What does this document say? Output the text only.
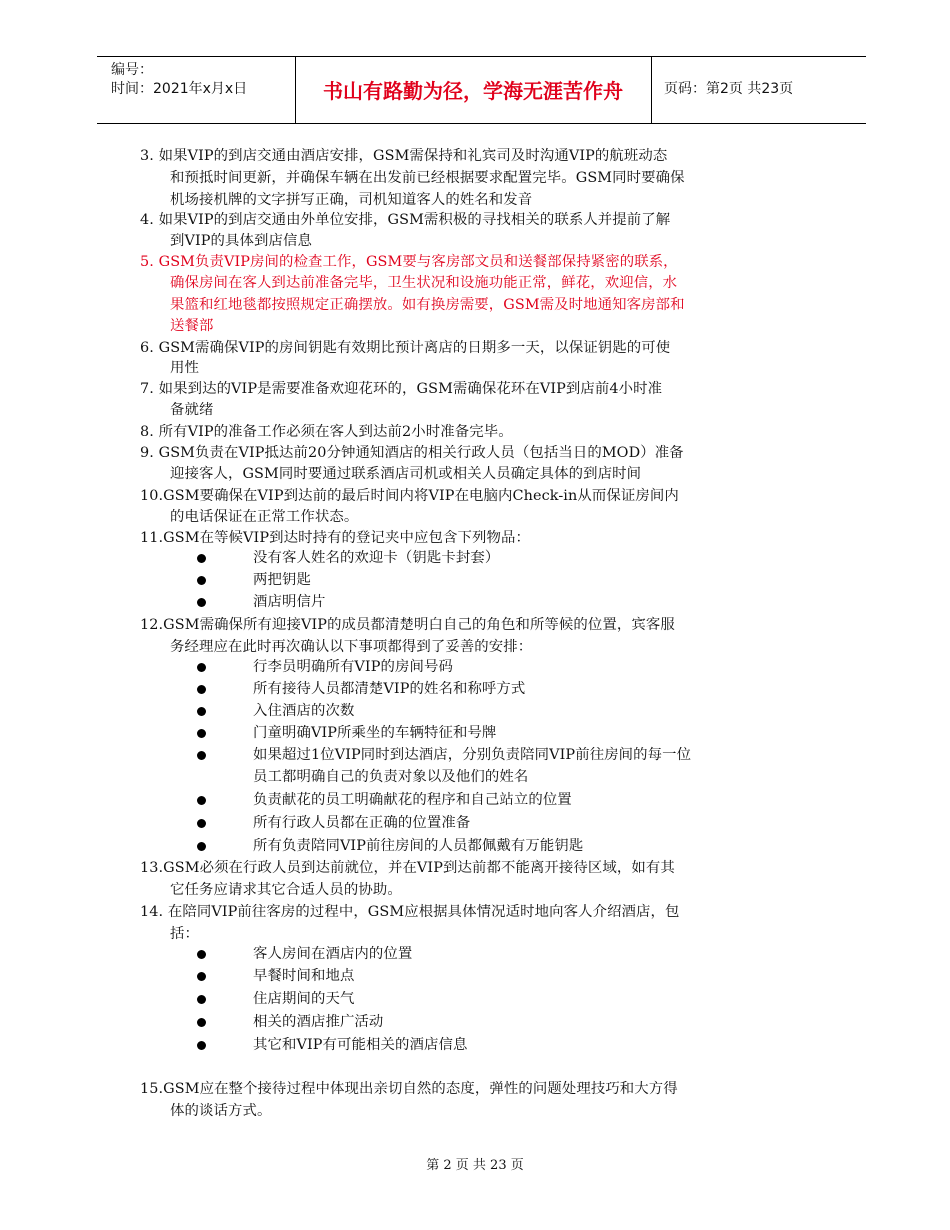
编号：
时间：2021年x月x日	书山有路勤为径，学海无涯苦作舟	页码：第2页 共23页
3. 如果VIP的到店交通由酒店安排，GSM需保持和礼宾司及时沟通VIP的航班动态
和预抵时间更新，并确保车辆在出发前已经根据要求配置完毕。GSM同时要确保
机场接机牌的文字拼写正确，司机知道客人的姓名和发音
4. 如果VIP的到店交通由外单位安排，GSM需积极的寻找相关的联系人并提前了解
到VIP的具体到店信息
5. GSM负责VIP房间的检查工作，GSM要与客房部文员和送餐部保持紧密的联系，
确保房间在客人到达前准备完毕，卫生状况和设施功能正常，鲜花，欢迎信，水
果篮和红地毯都按照规定正确摆放。如有换房需要，GSM需及时地通知客房部和
送餐部
6. GSM需确保VIP的房间钥匙有效期比预计离店的日期多一天，以保证钥匙的可使
用性
7. 如果到达的VIP是需要准备欢迎花环的，GSM需确保花环在VIP到店前4小时准
备就绪
8. 所有VIP的准备工作必须在客人到达前2小时准备完毕。
9. GSM负责在VIP抵达前20分钟通知酒店的相关行政人员（包括当日的MOD）准备
迎接客人，GSM同时要通过联系酒店司机或相关人员确定具体的到店时间
10.GSM要确保在VIP到达前的最后时间内将VIP在电脑内Check-in从而保证房间内
的电话保证在正常工作状态。
11.GSM在等候VIP到达时持有的登记夹中应包含下列物品：
没有客人姓名的欢迎卡（钥匙卡封套）
两把钥匙
酒店明信片
12.GSM需确保所有迎接VIP的成员都清楚明白自己的角色和所等候的位置，宾客服
务经理应在此时再次确认以下事项都得到了妥善的安排：
行李员明确所有VIP的房间号码
所有接待人员都清楚VIP的姓名和称呼方式
入住酒店的次数
门童明确VIP所乘坐的车辆特征和号牌
如果超过1位VIP同时到达酒店，分别负责陪同VIP前往房间的每一位
员工都明确自己的负责对象以及他们的姓名
负责献花的员工明确献花的程序和自己站立的位置
所有行政人员都在正确的位置准备
所有负责陪同VIP前往房间的人员都佩戴有万能钥匙
13.GSM必须在行政人员到达前就位，并在VIP到达前都不能离开接待区域，如有其
它任务应请求其它合适人员的协助。
14. 在陪同VIP前往客房的过程中，GSM应根据具体情况适时地向客人介绍酒店，包
括：
客人房间在酒店内的位置
早餐时间和地点
住店期间的天气
相关的酒店推广活动
其它和VIP有可能相关的酒店信息
15.GSM应在整个接待过程中体现出亲切自然的态度，弹性的问题处理技巧和大方得
体的谈话方式。
第 2 页 共 23 页
